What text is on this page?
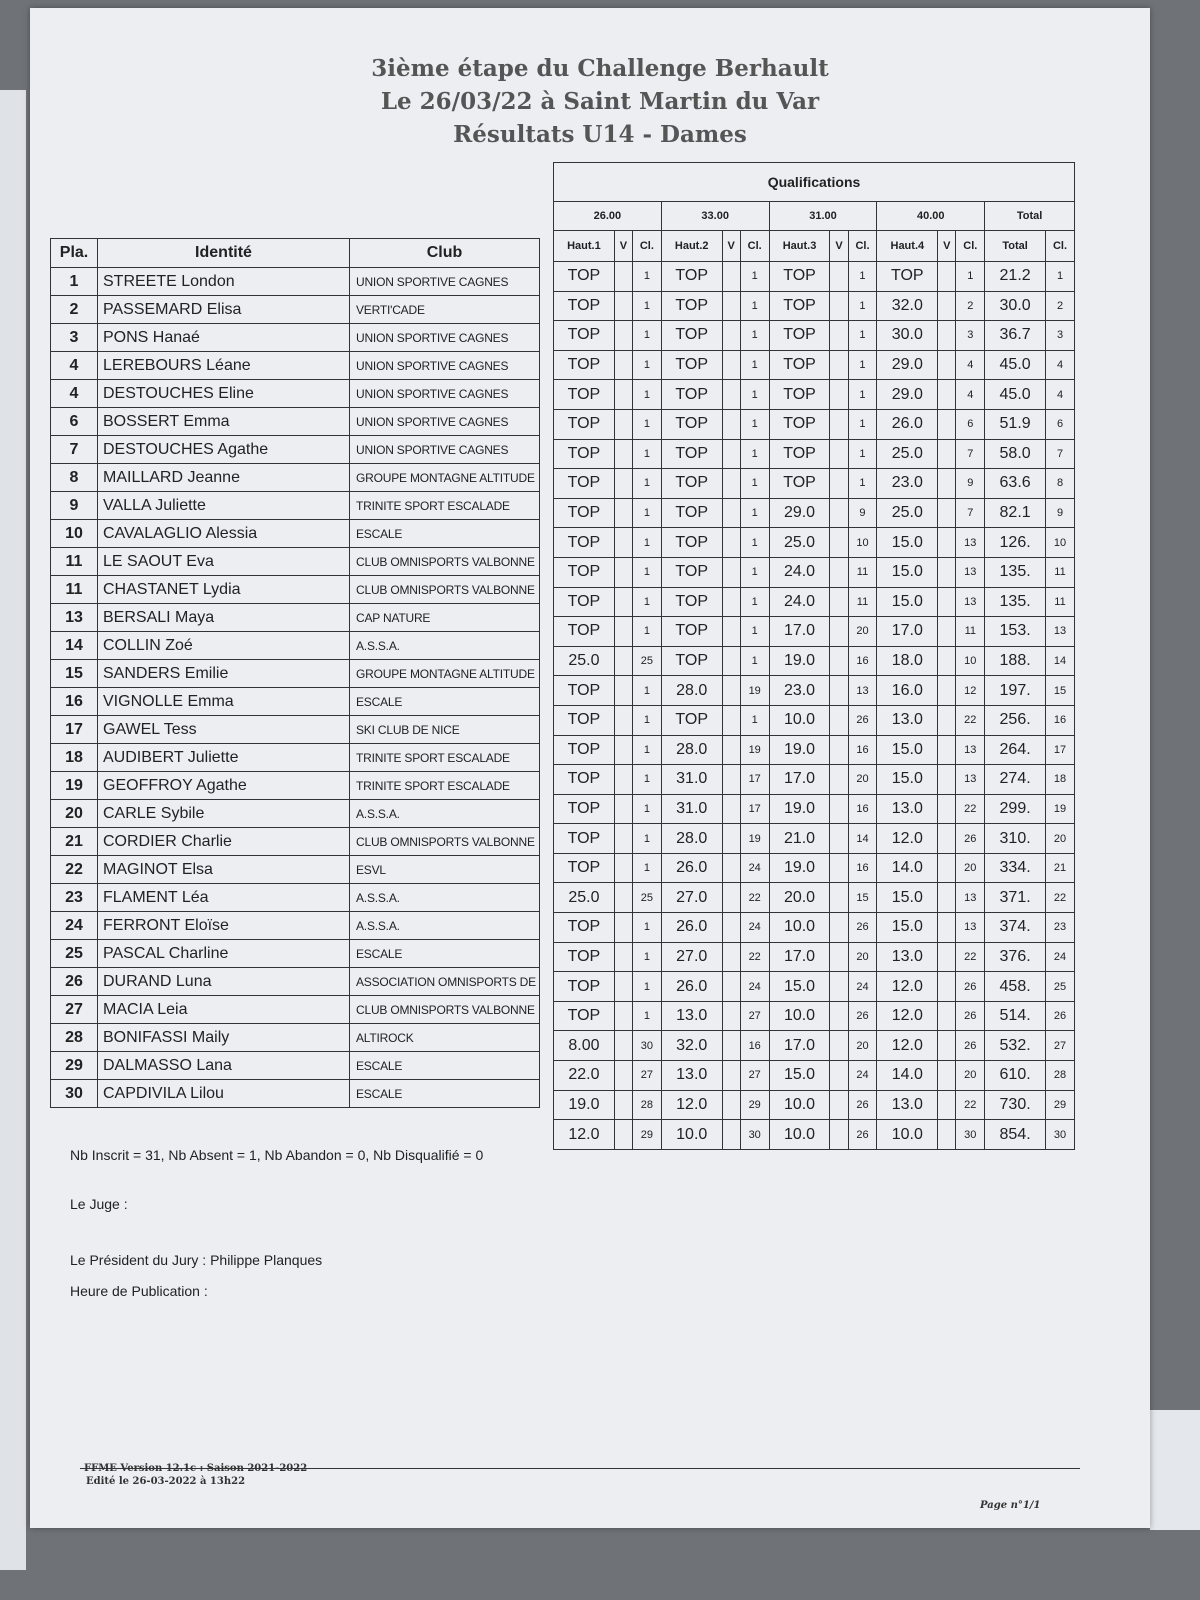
3ième étape du Challenge Berhault
Le 26/03/22 à Saint Martin du Var
Résultats U14 - Dames
Pla.	Identité	Club
1	STREETE London	UNION SPORTIVE CAGNES
2	PASSEMARD Elisa	VERTI'CADE
3	PONS Hanaé	UNION SPORTIVE CAGNES
4	LEREBOURS Léane	UNION SPORTIVE CAGNES
4	DESTOUCHES Eline	UNION SPORTIVE CAGNES
6	BOSSERT Emma	UNION SPORTIVE CAGNES
7	DESTOUCHES Agathe	UNION SPORTIVE CAGNES
8	MAILLARD Jeanne	GROUPE MONTAGNE ALTITUDE
9	VALLA Juliette	TRINITE SPORT ESCALADE
10	CAVALAGLIO Alessia	ESCALE
11	LE SAOUT Eva	CLUB OMNISPORTS VALBONNE
11	CHASTANET Lydia	CLUB OMNISPORTS VALBONNE
13	BERSALI Maya	CAP NATURE
14	COLLIN Zoé	A.S.S.A.
15	SANDERS Emilie	GROUPE MONTAGNE ALTITUDE
16	VIGNOLLE Emma	ESCALE
17	GAWEL Tess	SKI CLUB DE NICE
18	AUDIBERT Juliette	TRINITE SPORT ESCALADE
19	GEOFFROY Agathe	TRINITE SPORT ESCALADE
20	CARLE Sybile	A.S.S.A.
21	CORDIER Charlie	CLUB OMNISPORTS VALBONNE
22	MAGINOT Elsa	ESVL
23	FLAMENT Léa	A.S.S.A.
24	FERRONT Eloïse	A.S.S.A.
25	PASCAL Charline	ESCALE
26	DURAND Luna	ASSOCIATION OMNISPORTS DE
27	MACIA Leia	CLUB OMNISPORTS VALBONNE
28	BONIFASSI Maily	ALTIROCK
29	DALMASSO Lana	ESCALE
30	CAPDIVILA Lilou	ESCALE
Qualifications													
26.00			33.00			31.00			40.00			Total	
Haut.1	V	Cl.	Haut.2	V	Cl.	Haut.3	V	Cl.	Haut.4	V	Cl.	Total	Cl.
TOP		1	TOP		1	TOP		1	TOP		1	21.2	1
TOP		1	TOP		1	TOP		1	32.0		2	30.0	2
TOP		1	TOP		1	TOP		1	30.0		3	36.7	3
TOP		1	TOP		1	TOP		1	29.0		4	45.0	4
TOP		1	TOP		1	TOP		1	29.0		4	45.0	4
TOP		1	TOP		1	TOP		1	26.0		6	51.9	6
TOP		1	TOP		1	TOP		1	25.0		7	58.0	7
TOP		1	TOP		1	TOP		1	23.0		9	63.6	8
TOP		1	TOP		1	29.0		9	25.0		7	82.1	9
TOP		1	TOP		1	25.0		10	15.0		13	126.	10
TOP		1	TOP		1	24.0		11	15.0		13	135.	11
TOP		1	TOP		1	24.0		11	15.0		13	135.	11
TOP		1	TOP		1	17.0		20	17.0		11	153.	13
25.0		25	TOP		1	19.0		16	18.0		10	188.	14
TOP		1	28.0		19	23.0		13	16.0		12	197.	15
TOP		1	TOP		1	10.0		26	13.0		22	256.	16
TOP		1	28.0		19	19.0		16	15.0		13	264.	17
TOP		1	31.0		17	17.0		20	15.0		13	274.	18
TOP		1	31.0		17	19.0		16	13.0		22	299.	19
TOP		1	28.0		19	21.0		14	12.0		26	310.	20
TOP		1	26.0		24	19.0		16	14.0		20	334.	21
25.0		25	27.0		22	20.0		15	15.0		13	371.	22
TOP		1	26.0		24	10.0		26	15.0		13	374.	23
TOP		1	27.0		22	17.0		20	13.0		22	376.	24
TOP		1	26.0		24	15.0		24	12.0		26	458.	25
TOP		1	13.0		27	10.0		26	12.0		26	514.	26
8.00		30	32.0		16	17.0		20	12.0		26	532.	27
22.0		27	13.0		27	15.0		24	14.0		20	610.	28
19.0		28	12.0		29	10.0		26	13.0		22	730.	29
12.0		29	10.0		30	10.0		26	10.0		30	854.	30
Nb Inscrit = 31, Nb Absent = 1, Nb Abandon = 0, Nb Disqualifié = 0
Le Juge :
Le Président du Jury : Philippe Planques
Heure de Publication :
FFME Version 12.1c : Saison 2021-2022
Edité le 26-03-2022 à 13h22
Page n°1/1
